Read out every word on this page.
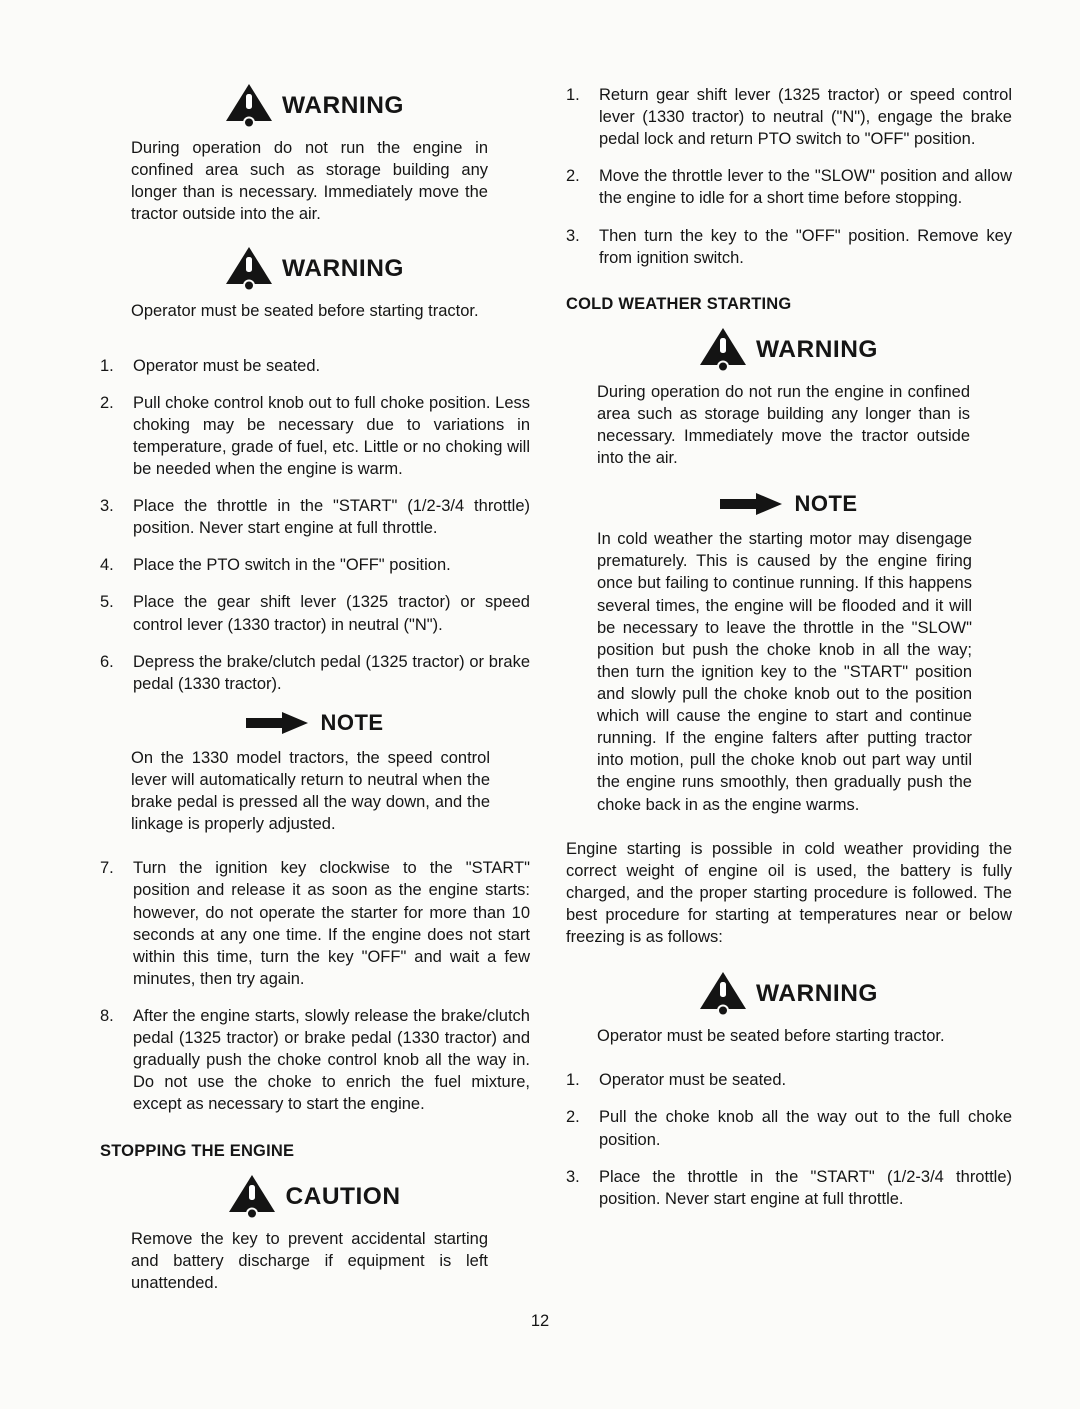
WARNING

During operation do not run the engine in confined area such as storage building any longer than is necessary. Immediately move the tractor outside into the air.

WARNING

Operator must be seated before starting tractor.

1.	Operator must be seated.
2.	Pull choke control knob out to full choke position. Less choking may be necessary due to variations in temperature, grade of fuel, etc. Little or no choking will be needed when the engine is warm.
3.	Place the throttle in the "START" (1/2-3/4 throttle) position. Never start engine at full throttle.
4.	Place the PTO switch in the "OFF" position.
5.	Place the gear shift lever (1325 tractor) or speed control lever (1330 tractor) in neutral ("N").
6.	Depress the brake/clutch pedal (1325 tractor) or brake pedal (1330 tractor).
NOTE

On the 1330 model tractors, the speed control lever will automatically return to neutral when the brake pedal is pressed all the way down, and the linkage is properly adjusted.

7.	Turn the ignition key clockwise to the "START" position and release it as soon as the engine starts: however, do not operate the starter for more than 10 seconds at any one time. If the engine does not start within this time, turn the key "OFF" and wait a few minutes, then try again.
8.	After the engine starts, slowly release the brake/clutch pedal (1325 tractor) or brake pedal (1330 tractor) and gradually push the choke control knob all the way in. Do not use the choke to enrich the fuel mixture, except as necessary to start the engine.
STOPPING THE ENGINE
CAUTION

Remove the key to prevent accidental starting and battery discharge if equipment is left unattended.

1.	Return gear shift lever (1325 tractor) or speed control lever (1330 tractor) to neutral ("N"), engage the brake pedal lock and return PTO switch to "OFF" position.
2.	Move the throttle lever to the "SLOW" position and allow the engine to idle for a short time before stopping.
3.	Then turn the key to the "OFF" position. Remove key from ignition switch.
COLD WEATHER STARTING
WARNING

During operation do not run the engine in confined area such as storage building any longer than is necessary. Immediately move the tractor outside into the air.

NOTE

In cold weather the starting motor may disengage prematurely. This is caused by the engine firing once but failing to continue running. If this happens several times, the engine will be flooded and it will be necessary to leave the throttle in the "SLOW" position but push the choke knob in all the way; then turn the ignition key to the "START" position and slowly pull the choke knob out to the position which will cause the engine to start and continue running. If the engine falters after putting tractor into motion, pull the choke knob out part way until the engine runs smoothly, then gradually push the choke back in as the engine warms.

Engine starting is possible in cold weather providing the correct weight of engine oil is used, the battery is fully charged, and the proper starting procedure is followed. The best procedure for starting at temperatures near or below freezing is as follows:

WARNING

Operator must be seated before starting tractor.

1.	Operator must be seated.
2.	Pull the choke knob all the way out to the full choke position.
3.	Place the throttle in the "START" (1/2-3/4 throttle) position. Never start engine at full throttle.
12
